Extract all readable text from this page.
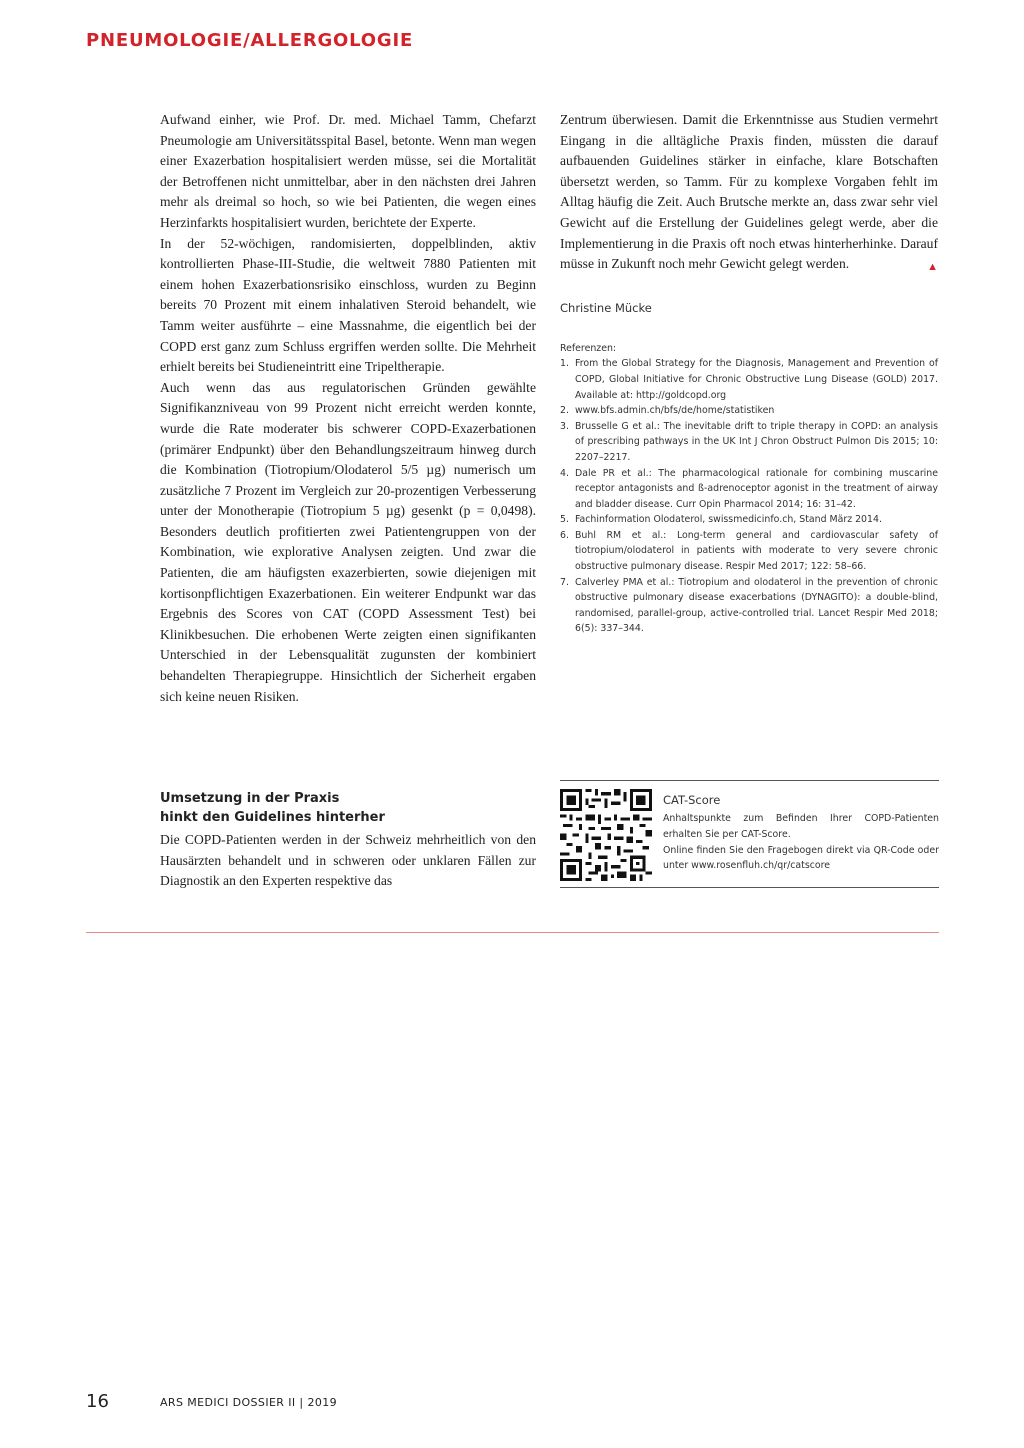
PNEUMOLOGIE/ALLERGOLOGIE

Aufwand einher, wie Prof. Dr. med. Michael Tamm, Chefarzt Pneumologie am Universitätsspital Basel, betonte. Wenn man wegen einer Exazerbation hospitalisiert werden müsse, sei die Mortalität der Betroffenen nicht unmittelbar, aber in den nächsten drei Jahren mehr als dreimal so hoch, so wie bei Patienten, die wegen eines Herzinfarkts hospitalisiert wurden, berichtete der Experte.

In der 52-wöchigen, randomisierten, doppelblinden, aktiv kontrollierten Phase-III-Studie, die weltweit 7880 Patienten mit einem hohen Exazerbationsrisiko einschloss, wurden zu Beginn bereits 70 Prozent mit einem inhalativen Steroid behandelt, wie Tamm weiter ausführte – eine Massnahme, die eigentlich bei der COPD erst ganz zum Schluss ergriffen werden sollte. Die Mehrheit erhielt bereits bei Studieneintritt eine Tripeltherapie.

Auch wenn das aus regulatorischen Gründen gewählte Signifikanzniveau von 99 Prozent nicht erreicht werden konnte, wurde die Rate moderater bis schwerer COPD-Exazerbationen (primärer Endpunkt) über den Behandlungszeitraum hinweg durch die Kombination (Tiotropium/Olodaterol 5/5 µg) numerisch um zusätzliche 7 Prozent im Vergleich zur 20-prozentigen Verbesserung unter der Monotherapie (Tiotropium 5 µg) gesenkt (p = 0,0498). Besonders deutlich profitierten zwei Patientengruppen von der Kombination, wie explorative Analysen zeigten. Und zwar die Patienten, die am häufigsten exazerbierten, sowie diejenigen mit kortisonpflichtigen Exazerbationen. Ein weiterer Endpunkt war das Ergebnis des Scores von CAT (COPD Assessment Test) bei Klinikbesuchen. Die erhobenen Werte zeigten einen signifikanten Unterschied in der Lebensqualität zugunsten der kombiniert behandelten Therapiegruppe. Hinsichtlich der Sicherheit ergaben sich keine neuen Risiken.

Umsetzung in der Praxis
hinkt den Guidelines hinterher

Die COPD-Patienten werden in der Schweiz mehrheitlich von den Hausärzten behandelt und in schweren oder unklaren Fällen zur Diagnostik an den Experten respektive das

Zentrum überwiesen. Damit die Erkenntnisse aus Studien vermehrt Eingang in die alltägliche Praxis finden, müssten die darauf aufbauenden Guidelines stärker in einfache, klare Botschaften übersetzt werden, so Tamm. Für zu komplexe Vorgaben fehlt im Alltag häufig die Zeit. Auch Brutsche merkte an, dass zwar sehr viel Gewicht auf die Erstellung der Guidelines gelegt werde, aber die Implementierung in die Praxis oft noch etwas hinterherhinke. Darauf müsse in Zukunft noch mehr Gewicht gelegt werden.	▲

Christine Mücke

Referenzen:

1. From the Global Strategy for the Diagnosis, Management and Prevention of COPD, Global Initiative for Chronic Obstructive Lung Disease (GOLD) 2017. Available at: http://goldcopd.org
2. www.bfs.admin.ch/bfs/de/home/statistiken
3. Brusselle G et al.: The inevitable drift to triple therapy in COPD: an analysis of prescribing pathways in the UK Int J Chron Obstruct Pulmon Dis 2015; 10: 2207–2217.
4. Dale PR et al.: The pharmacological rationale for combining muscarine receptor antagonists and ß-adrenoceptor agonist in the treatment of airway and bladder disease. Curr Opin Pharmacol 2014; 16: 31–42.
5. Fachinformation Olodaterol, swissmedicinfo.ch, Stand März 2014.
6. Buhl RM et al.: Long-term general and cardiovascular safety of tiotropium/olodaterol in patients with moderate to very severe chronic obstructive pulmonary disease. Respir Med 2017; 122: 58–66.
7. Calverley PMA et al.: Tiotropium and olodaterol in the prevention of chronic obstructive pulmonary disease exacerbations (DYNAGITO): a double-blind, randomised, parallel-group, active-controlled trial. Lancet Respir Med 2018; 6(5): 337–344.

CAT-Score

Anhaltspunkte zum Befinden Ihrer COPD-Patienten erhalten Sie per CAT-Score.

Online finden Sie den Fragebogen direkt via QR-Code oder unter www.rosenfluh.ch/qr/catscore

16	ARS MEDICI DOSSIER II | 2019
